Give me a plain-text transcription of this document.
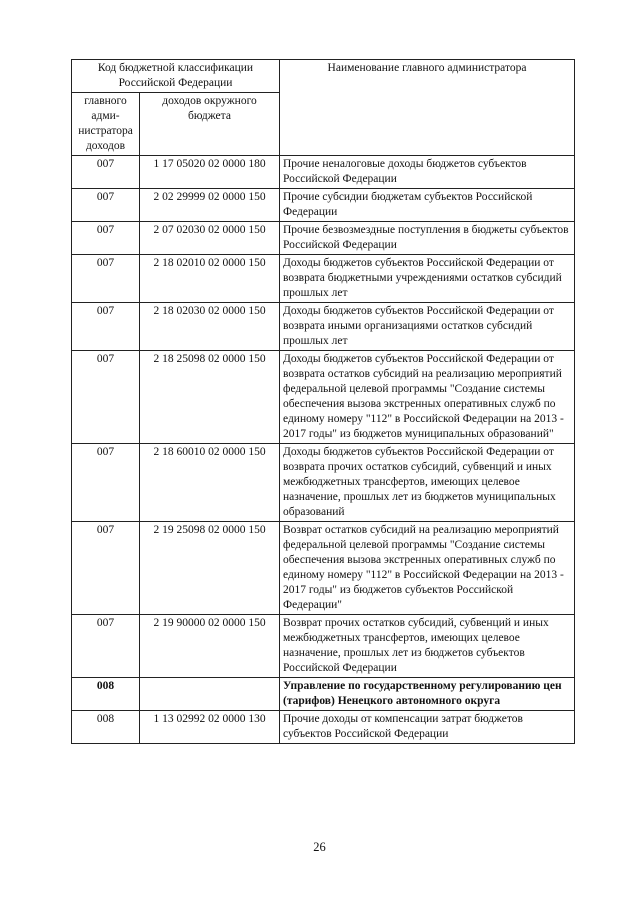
Код бюджетной классификации Российской Федерации		Наименование главного администратора
главного адми-нистратора доходов	доходов окружного бюджета	
007	1 17 05020 02 0000 180	Прочие неналоговые доходы бюджетов субъектов Российской Федерации
007	2 02 29999 02 0000 150	Прочие субсидии бюджетам субъектов Российской Федерации
007	2 07 02030 02 0000 150	Прочие безвозмездные поступления в бюджеты субъектов Российской Федерации
007	2 18 02010 02 0000 150	Доходы бюджетов субъектов Российской Федерации от возврата бюджетными учреждениями остатков субсидий прошлых лет
007	2 18 02030 02 0000 150	Доходы бюджетов субъектов Российской Федерации от возврата иными организациями остатков субсидий прошлых лет
007	2 18 25098 02 0000 150	Доходы бюджетов субъектов Российской Федерации от возврата остатков субсидий на реализацию мероприятий федеральной целевой программы "Создание системы обеспечения вызова экстренных оперативных служб по единому номеру "112" в Российской Федерации на 2013 - 2017 годы" из бюджетов муниципальных образований"
007	2 18 60010 02 0000 150	Доходы бюджетов субъектов Российской Федерации от возврата прочих остатков субсидий, субвенций и иных межбюджетных трансфертов, имеющих целевое назначение, прошлых лет из бюджетов муниципальных образований
007	2 19 25098 02 0000 150	Возврат остатков субсидий на реализацию мероприятий федеральной целевой программы "Создание системы обеспечения вызова экстренных оперативных служб по единому номеру "112" в Российской Федерации на 2013 - 2017 годы" из бюджетов субъектов Российской Федерации"
007	2 19 90000 02 0000 150	Возврат прочих остатков субсидий, субвенций и иных межбюджетных трансфертов, имеющих целевое назначение, прошлых лет из бюджетов субъектов Российской Федерации
008		Управление по государственному регулированию цен (тарифов) Ненецкого автономного округа
008	1 13 02992 02 0000 130	Прочие доходы от компенсации затрат бюджетов субъектов Российской Федерации
26
